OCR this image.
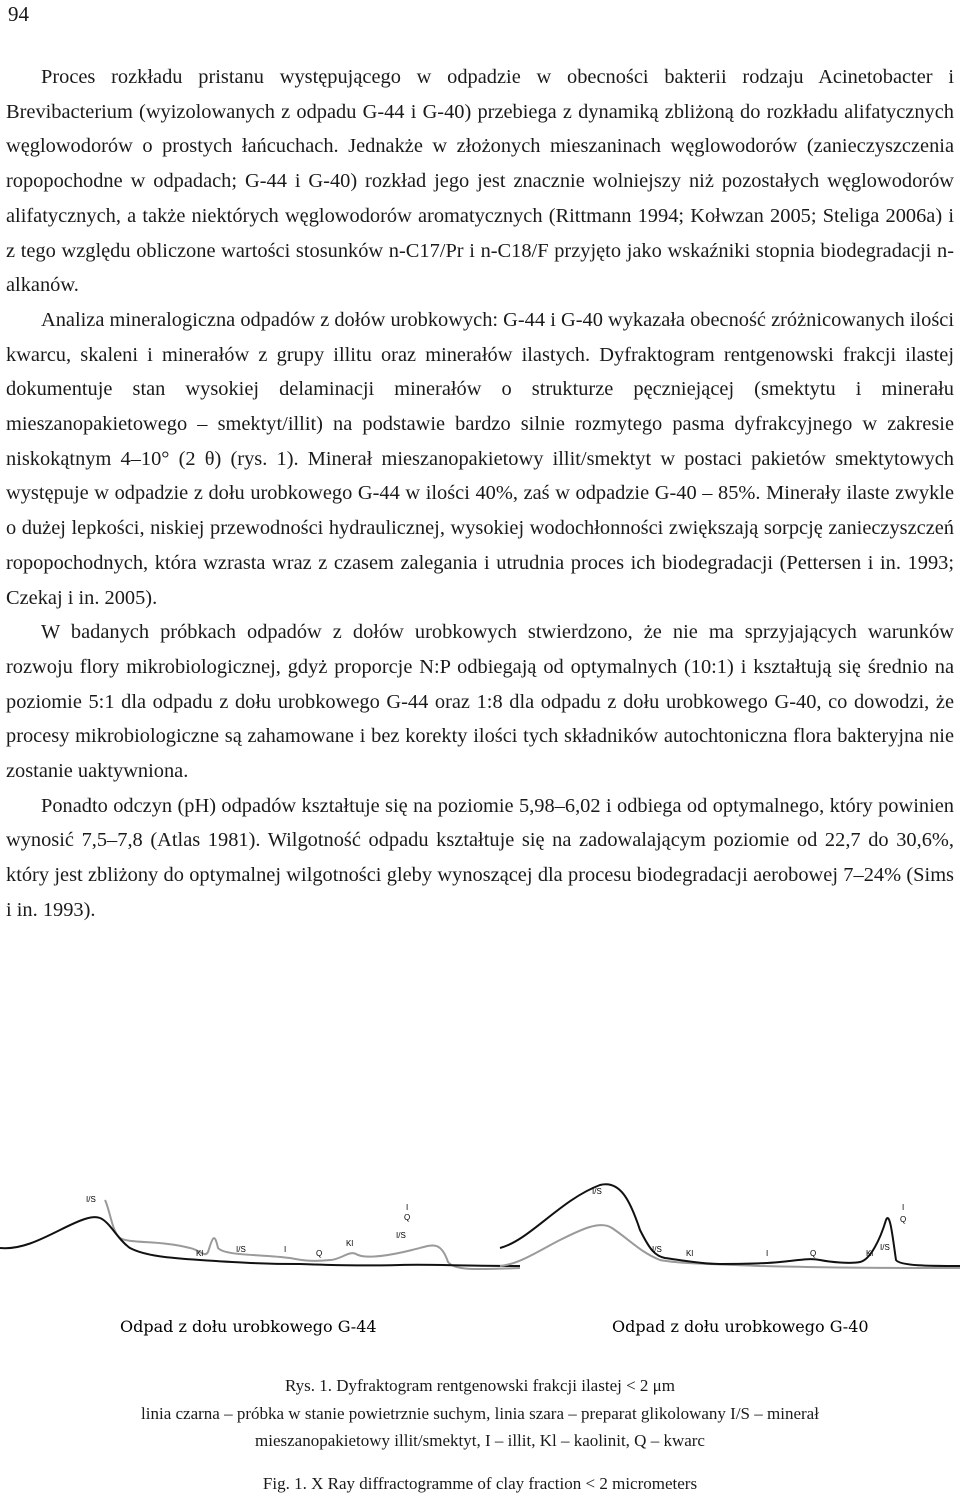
94

Proces rozkładu pristanu występującego w odpadzie w obecności bakterii rodzaju Acinetobacter i Brevibacterium (wyizolowanych z odpadu G-44 i G-40) przebiega z dynamiką zbliżoną do rozkładu alifatycznych węglowodorów o prostych łańcuchach. Jednakże w złożonych mieszaninach węglowodorów (zanieczyszczenia ropopochodne w odpadach; G-44 i G-40) rozkład jego jest znacznie wolniejszy niż pozostałych węglowodorów alifatycznych, a także niektórych węglowodorów aromatycznych (Rittmann 1994; Kołwzan 2005; Steliga 2006a) i z tego względu obliczone wartości stosunków n-C17/Pr i n-C18/F przyjęto jako wskaźniki stopnia biodegradacji n-alkanów.

Analiza mineralogiczna odpadów z dołów urobkowych: G-44 i G-40 wykazała obecność zróżnicowanych ilości kwarcu, skaleni i minerałów z grupy illitu oraz minerałów ilastych. Dyfraktogram rentgenowski frakcji ilastej dokumentuje stan wysokiej delaminacji minerałów o strukturze pęczniejącej (smektytu i minerału mieszanopakietowego – smektyt/illit) na podstawie bardzo silnie rozmytego pasma dyfrakcyjnego w zakresie niskokątnym 4–10° (2 θ) (rys. 1). Minerał mieszanopakietowy illit/smektyt w postaci pakietów smektytowych występuje w odpadzie z dołu urobkowego G-44 w ilości 40%, zaś w odpadzie G-40 – 85%. Minerały ilaste zwykle o dużej lepkości, niskiej przewodności hydraulicznej, wysokiej wodochłonności zwiększają sorpcję zanieczyszczeń ropopochodnych, która wzrasta wraz z czasem zalegania i utrudnia proces ich biodegradacji (Pettersen i in. 1993; Czekaj i in. 2005).

W badanych próbkach odpadów z dołów urobkowych stwierdzono, że nie ma sprzyjających warunków rozwoju flory mikrobiologicznej, gdyż proporcje N:P odbiegają od optymalnych (10:1) i kształtują się średnio na poziomie 5:1 dla odpadu z dołu urobkowego G-44 oraz 1:8 dla odpadu z dołu urobkowego G-40, co dowodzi, że procesy mikrobiologiczne są zahamowane i bez korekty ilości tych składników autochtoniczna flora bakteryjna nie zostanie uaktywniona.

Ponadto odczyn (pH) odpadów kształtuje się na poziomie 5,98–6,02 i odbiega od optymalnego, który powinien wynosić 7,5–7,8 (Atlas 1981). Wilgotność odpadu kształtuje się na zadowalającym poziomie od 22,7 do 30,6%, który jest zbliżony do optymalnej wilgotności gleby wynoszącej dla procesu biodegradacji aerobowej 7–24% (Sims i in. 1993).

I/S
Kl	I/S	I	Q
Kl
I/S
Q
I
Odpad z dołu urobkowego G-44
I/S
Kl
I/S	I	Q	Kl
I/S
I
Q
Odpad z dołu urobkowego G-40
Rys. 1. Dyfraktogram rentgenowski frakcji ilastej < 2 μm
linia czarna – próbka w stanie powietrznie suchym, linia szara – preparat glikolowany I/S – minerał
mieszanopakietowy illit/smektyt, I – illit, Kl – kaolinit, Q – kwarc
Fig. 1. X Ray diffractogramme of clay fraction < 2 micrometers
